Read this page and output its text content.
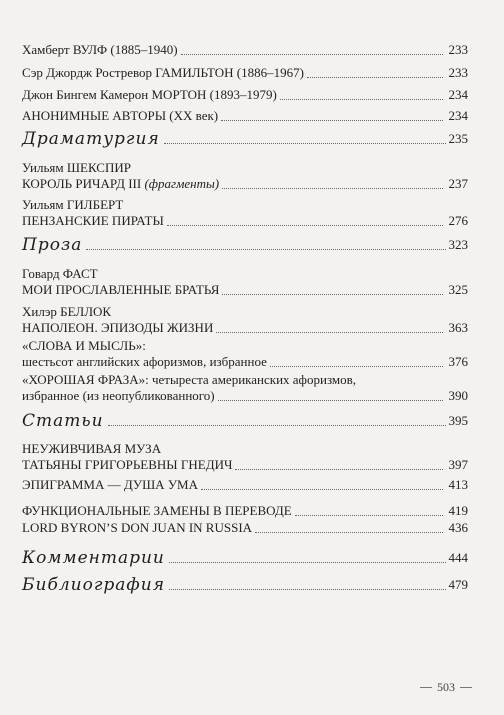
Хамберт ВУЛФ (1885–1940)	233
Сэр Джордж Ростревор ГАМИЛЬТОН (1886–1967)	233
Джон Бингем Камерон МОРТОН (1893–1979)	234
АНОНИМНЫЕ АВТОРЫ (XX век)	234
Драматургия	235
Уильям ШЕКСПИР
КОРОЛЬ РИЧАРД III (фрагменты)	237
Уильям ГИЛБЕРТ
ПЕНЗАНСКИЕ ПИРАТЫ	276
Проза	323
Говард ФАСТ
МОИ ПРОСЛАВЛЕННЫЕ БРАТЬЯ	325
Хилэр БЕЛЛОК
НАПОЛЕОН. ЭПИЗОДЫ ЖИЗНИ	363
«СЛОВА И МЫСЛЬ»:
шестьсот английских афоризмов, избранное	376
«ХОРОШАЯ ФРАЗА»: четыреста американских афоризмов,
избранное (из неопубликованного)	390
Статьи	395
НЕУЖИВЧИВАЯ МУЗА
ТАТЬЯНЫ ГРИГОРЬЕВНЫ ГНЕДИЧ	397
ЭПИГРАММА — ДУША УМА	413
ФУНКЦИОНАЛЬНЫЕ ЗАМЕНЫ В ПЕРЕВОДЕ	419
LORD BYRON’S DON JUAN IN RUSSIA	436
Комментарии	444
Библиография	479
503
